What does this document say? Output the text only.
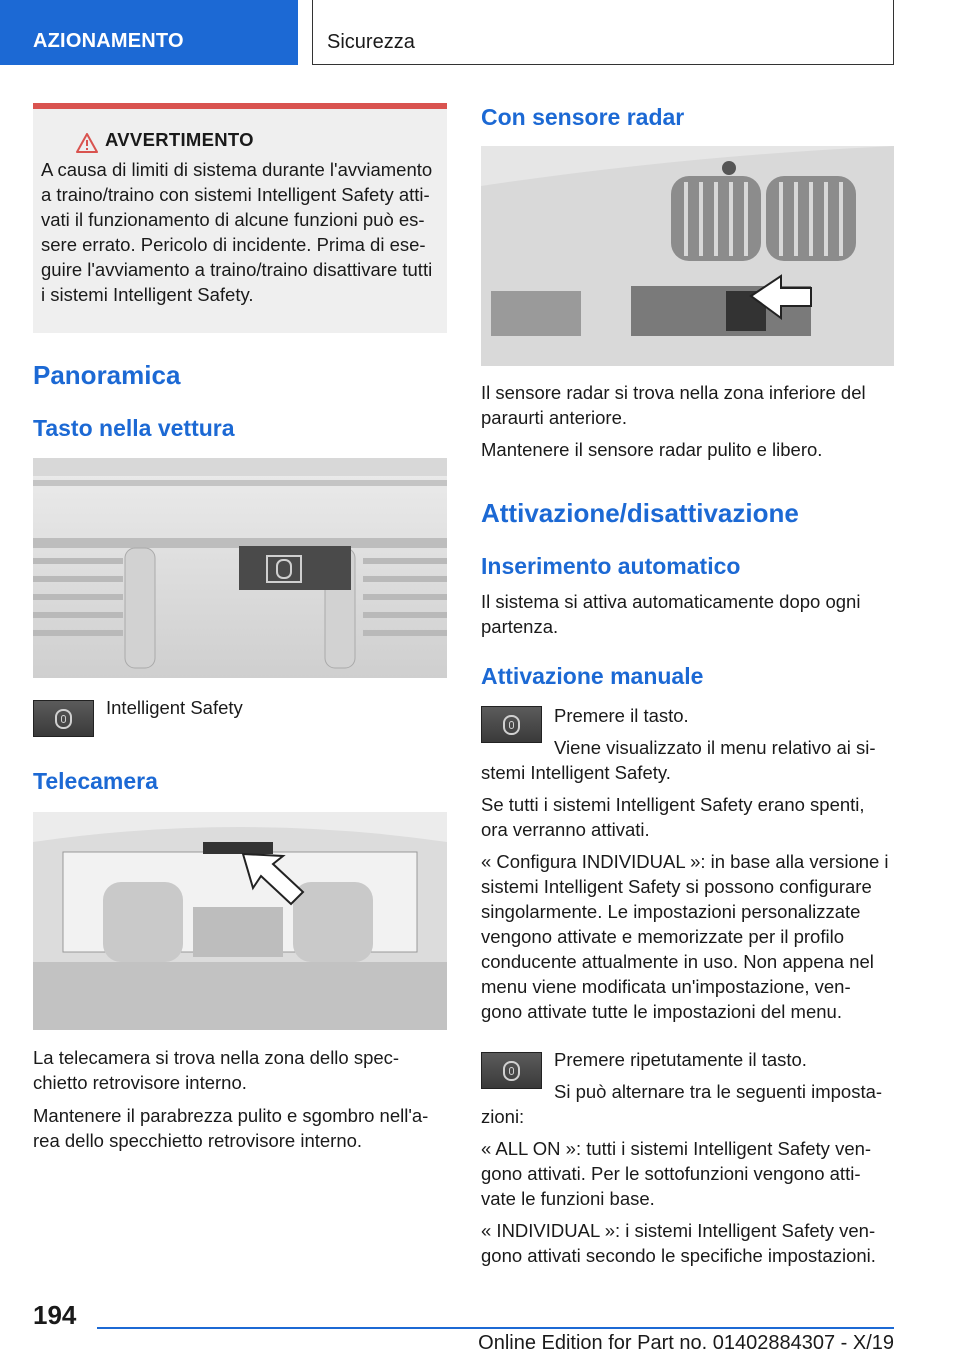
AZIONAMENTO	Sicurezza
AVVERTIMENTO
A causa di limiti di sistema durante l'avviamento
a traino/traino con sistemi Intelligent Safety atti-
vati il funzionamento di alcune funzioni può es-
sere errato. Pericolo di incidente. Prima di ese-
guire l'avviamento a traino/traino disattivare tutti
i sistemi Intelligent Safety.
Panoramica
Tasto nella vettura

Intelligent Safety

Telecamera

La telecamera si trova nella zona dello spec-

chietto retrovisore interno.

Mantenere il parabrezza pulito e sgombro nell'a-

rea dello specchietto retrovisore interno.

Con sensore radar

Il sensore radar si trova nella zona inferiore del

paraurti anteriore.

Mantenere il sensore radar pulito e libero.

Attivazione/disattivazione
Inserimento automatico

Il sistema si attiva automaticamente dopo ogni

partenza.

Attivazione manuale

Premere il tasto.

Viene visualizzato il menu relativo ai si-

stemi Intelligent Safety.

Se tutti i sistemi Intelligent Safety erano spenti,

ora verranno attivati.

« Configura INDIVIDUAL »: in base alla versione i

sistemi Intelligent Safety si possono configurare

singolarmente. Le impostazioni personalizzate

vengono attivate e memorizzate per il profilo

conducente attualmente in uso. Non appena nel

menu viene modificata un'impostazione, ven-

gono attivate tutte le impostazioni del menu.

Premere ripetutamente il tasto.

Si può alternare tra le seguenti imposta-

zioni:

« ALL ON »: tutti i sistemi Intelligent Safety ven-

gono attivati. Per le sottofunzioni vengono atti-

vate le funzioni base.

« INDIVIDUAL »: i sistemi Intelligent Safety ven-

gono attivati secondo le specifiche impostazioni.

194
Online Edition for Part no. 01402884307 - X/19
